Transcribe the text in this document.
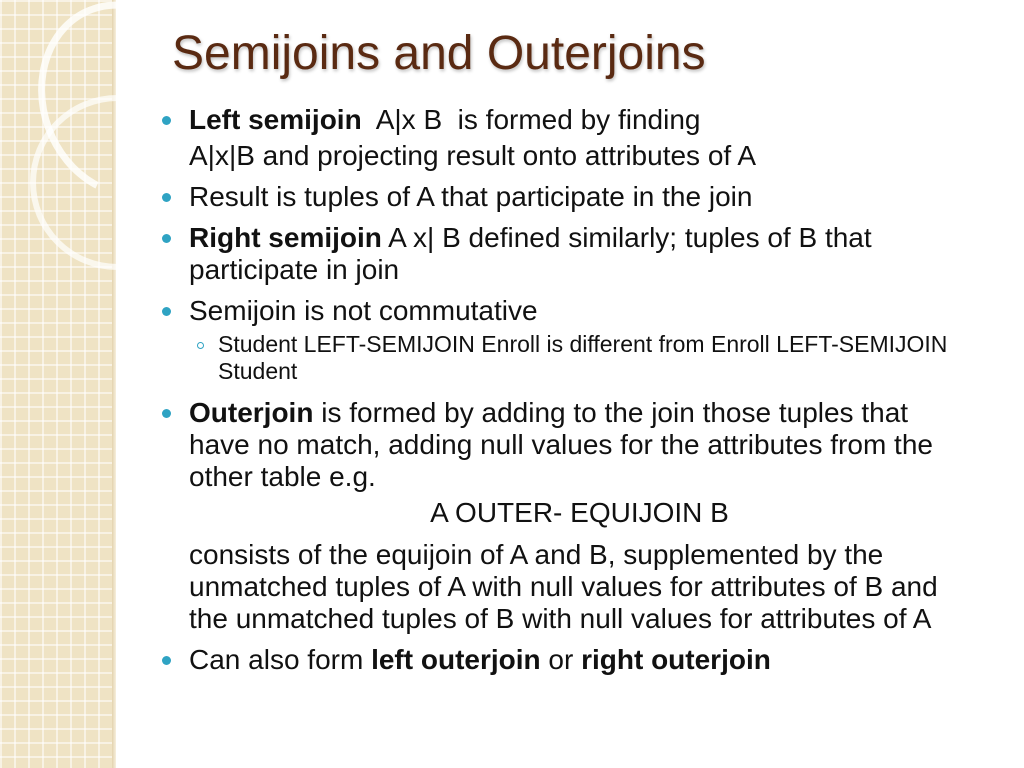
Semijoins and Outerjoins
Left semijoin  A|x B  is formed by finding
A|x|B and projecting result onto attributes of A
Result is tuples of A that participate in the join
Right semijoin A x| B defined similarly; tuples of B that participate in join
Semijoin is not commutative
Student LEFT-SEMIJOIN Enroll is different from Enroll LEFT-SEMIJOIN Student
Outerjoin is formed by adding to the join those tuples that have no match, adding null values for the attributes from the other table e.g.
A OUTER- EQUIJOIN B
consists of the equijoin of A and B, supplemented by the unmatched tuples of A with null values for attributes of B and the unmatched tuples of B with null values for attributes of A
Can also form left outerjoin or right outerjoin
